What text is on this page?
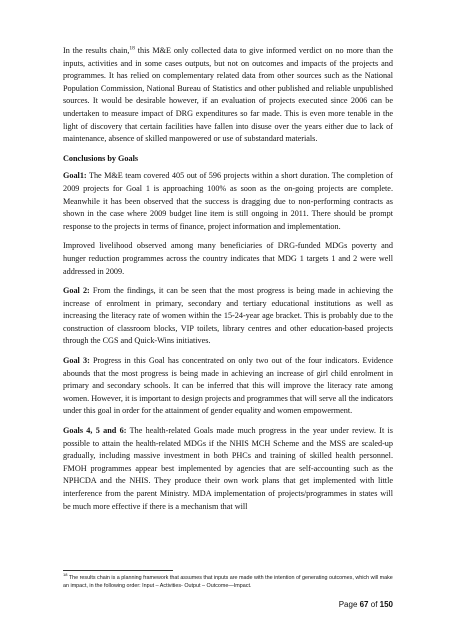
In the results chain,$^{18}$ this M&E only collected data to give informed verdict on no more than the inputs, activities and in some cases outputs, but not on outcomes and impacts of the projects and programmes. It has relied on complementary related data from other sources such as the National Population Commission, National Bureau of Statistics and other published and reliable unpublished sources. It would be desirable however, if an evaluation of projects executed since 2006 can be undertaken to measure impact of DRG expenditures so far made. This is even more tenable in the light of discovery that certain facilities have fallen into disuse over the years either due to lack of maintenance, absence of skilled manpowered or use of substandard materials.

Conclusions by Goals

Goal1: The M&E team covered 405 out of 596 projects within a short duration. The completion of 2009 projects for Goal 1 is approaching 100% as soon as the on-going projects are complete. Meanwhile it has been observed that the success is dragging due to non-performing contracts as shown in the case where 2009 budget line item is still ongoing in 2011. There should be prompt response to the projects in terms of finance, project information and implementation.

Improved livelihood observed among many beneficiaries of DRG-funded MDGs poverty and hunger reduction programmes across the country indicates that MDG 1 targets 1 and 2 were well addressed in 2009.

Goal 2: From the findings, it can be seen that the most progress is being made in achieving the increase of enrolment in primary, secondary and tertiary educational institutions as well as increasing the literacy rate of women within the 15-24-year age bracket. This is probably due to the construction of classroom blocks, VIP toilets, library centres and other education-based projects through the CGS and Quick-Wins initiatives.

Goal 3: Progress in this Goal has concentrated on only two out of the four indicators. Evidence abounds that the most progress is being made in achieving an increase of girl child enrolment in primary and secondary schools. It can be inferred that this will improve the literacy rate among women. However, it is important to design projects and programmes that will serve all the indicators under this goal in order for the attainment of gender equality and women empowerment.

Goals 4, 5 and 6: The health-related Goals made much progress in the year under review. It is possible to attain the health-related MDGs if the NHIS MCH Scheme and the MSS are scaled-up gradually, including massive investment in both PHCs and training of skilled health personnel. FMOH programmes appear best implemented by agencies that are self-accounting such as the NPHCDA and the NHIS. They produce their own work plans that get implemented with little interference from the parent Ministry. MDA implementation of projects/programmes in states will be much more effective if there is a mechanism that will

$^{18}$ The results chain is a planning framework that assumes that inputs are made with the intention of generating outcomes, which will make an impact, in the following order: Input – Activities- Output – Outcome—Impact.
Page 67 of 150
